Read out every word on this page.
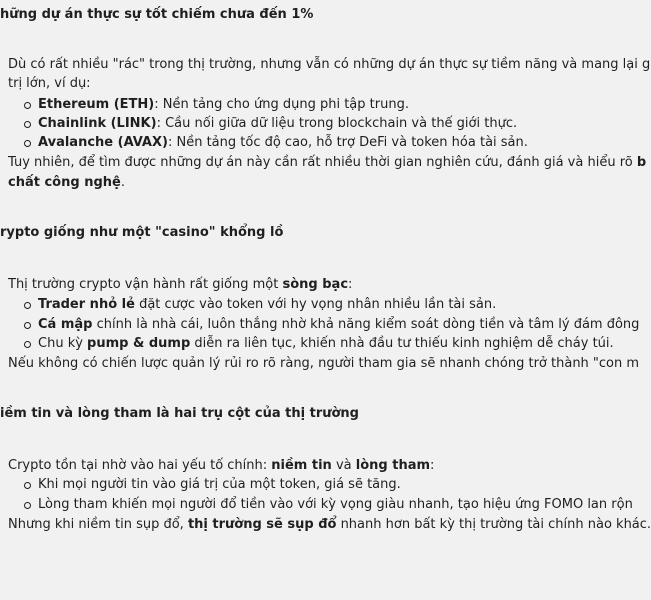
hững dự án thực sự tốt chiếm chưa đến 1%
Dù có rất nhiều "rác" trong thị trường, nhưng vẫn có những dự án thực sự tiềm năng và mang lại g
trị lớn, ví dụ:
Ethereum (ETH): Nền tảng cho ứng dụng phi tập trung.
Chainlink (LINK): Cầu nối giữa dữ liệu trong blockchain và thế giới thực.
Avalanche (AVAX): Nền tảng tốc độ cao, hỗ trợ DeFi và token hóa tài sản.
Tuy nhiên, để tìm được những dự án này cần rất nhiều thời gian nghiên cứu, đánh giá và hiểu rõ b
chất công nghệ.
rypto giống như một "casino" khổng lồ
Thị trường crypto vận hành rất giống một sòng bạc:
Trader nhỏ lẻ đặt cược vào token với hy vọng nhân nhiều lần tài sản.
Cá mập chính là nhà cái, luôn thắng nhờ khả năng kiểm soát dòng tiền và tâm lý đám đông
Chu kỳ pump & dump diễn ra liên tục, khiến nhà đầu tư thiếu kinh nghiệm dễ cháy túi.
Nếu không có chiến lược quản lý rủi ro rõ ràng, người tham gia sẽ nhanh chóng trở thành "con m
iềm tin và lòng tham là hai trụ cột của thị trường
Crypto tồn tại nhờ vào hai yếu tố chính: niềm tin và lòng tham:
Khi mọi người tin vào giá trị của một token, giá sẽ tăng.
Lòng tham khiến mọi người đổ tiền vào với kỳ vọng giàu nhanh, tạo hiệu ứng FOMO lan rộn
Nhưng khi niềm tin sụp đổ, thị trường sẽ sụp đổ nhanh hơn bất kỳ thị trường tài chính nào khác.
